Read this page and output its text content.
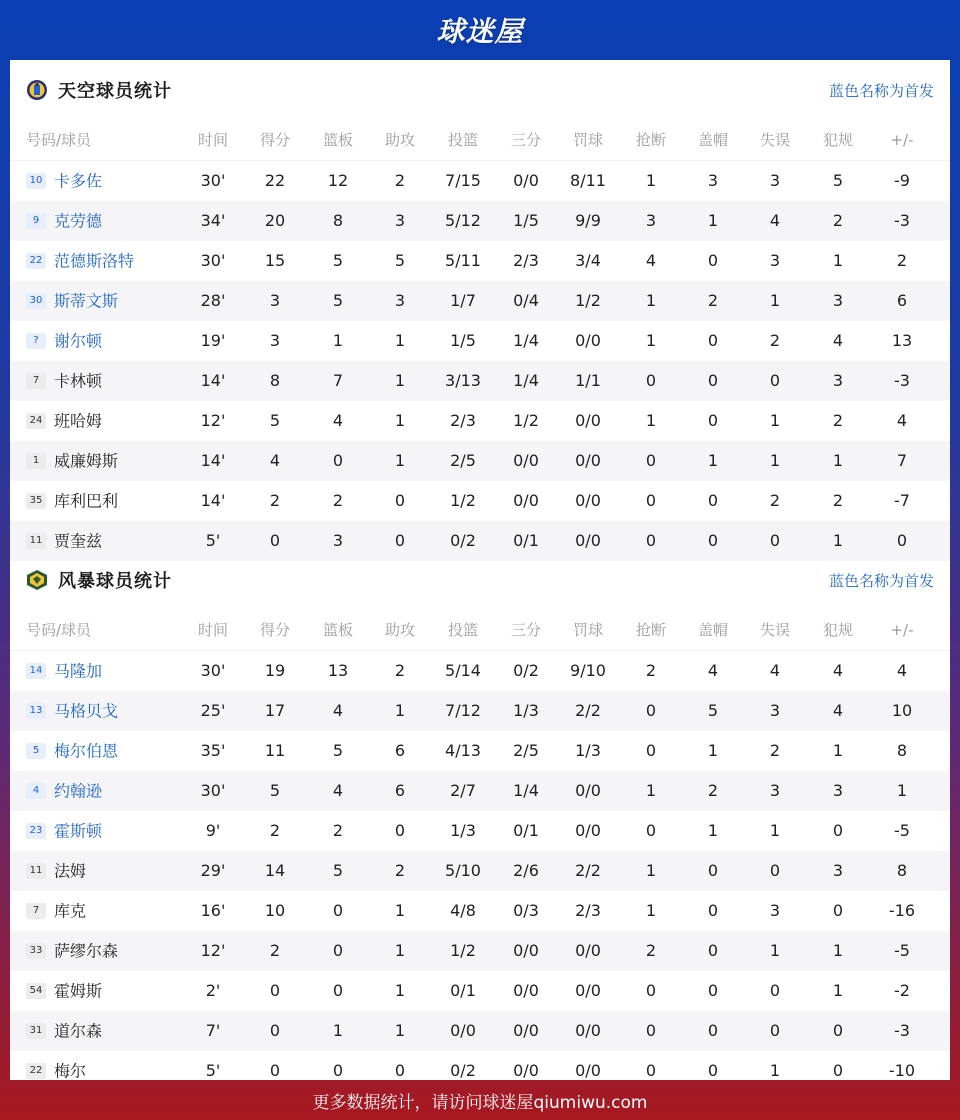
球迷屋
天空球员统计	蓝色名称为首发
号码/球员	时间	得分	篮板	助攻	投篮	三分	罚球	抢断	盖帽	失误	犯规	+/-
10 卡多佐	30'	22	12	2	7/15	0/0	8/11	1	3	3	5	-9
9 克劳德	34'	20	8	3	5/12	1/5	9/9	3	1	4	2	-3
22 范德斯洛特	30'	15	5	5	5/11	2/3	3/4	4	0	3	1	2
30 斯蒂文斯	28'	3	5	3	1/7	0/4	1/2	1	2	1	3	6
? 谢尔顿	19'	3	1	1	1/5	1/4	0/0	1	0	2	4	13
7 卡林顿	14'	8	7	1	3/13	1/4	1/1	0	0	0	3	-3
24 班哈姆	12'	5	4	1	2/3	1/2	0/0	1	0	1	2	4
1 威廉姆斯	14'	4	0	1	2/5	0/0	0/0	0	1	1	1	7
35 库利巴利	14'	2	2	0	1/2	0/0	0/0	0	0	2	2	-7
11 贾奎兹	5'	0	3	0	0/2	0/1	0/0	0	0	0	1	0
风暴球员统计	蓝色名称为首发
号码/球员	时间	得分	篮板	助攻	投篮	三分	罚球	抢断	盖帽	失误	犯规	+/-
14 马隆加	30'	19	13	2	5/14	0/2	9/10	2	4	4	4	4
13 马格贝戈	25'	17	4	1	7/12	1/3	2/2	0	5	3	4	10
5 梅尔伯恩	35'	11	5	6	4/13	2/5	1/3	0	1	2	1	8
4 约翰逊	30'	5	4	6	2/7	1/4	0/0	1	2	3	3	1
23 霍斯顿	9'	2	2	0	1/3	0/1	0/0	0	1	1	0	-5
11 法姆	29'	14	5	2	5/10	2/6	2/2	1	0	0	3	8
7 库克	16'	10	0	1	4/8	0/3	2/3	1	0	3	0	-16
33 萨缪尔森	12'	2	0	1	1/2	0/0	0/0	2	0	1	1	-5
54 霍姆斯	2'	0	0	1	0/1	0/0	0/0	0	0	0	1	-2
31 道尔森	7'	0	1	1	0/0	0/0	0/0	0	0	0	0	-3
22 梅尔	5'	0	0	0	0/2	0/0	0/0	0	0	1	0	-10
更多数据统计，请访问球迷屋qiumiwu.com
